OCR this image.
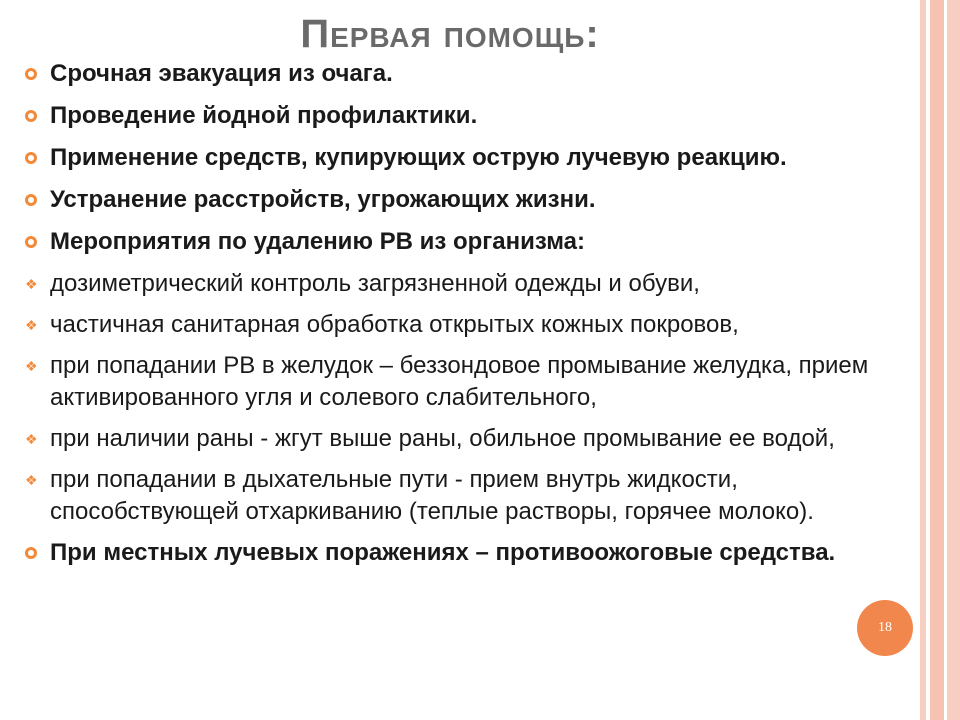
Первая помощь:
Срочная эвакуация из очага.
Проведение йодной профилактики.
Применение средств, купирующих острую лучевую реакцию.
Устранение расстройств, угрожающих жизни.
Мероприятия по удалению РВ из организма:
❖ дозиметрический контроль загрязненной одежды и обуви,
❖ частичная санитарная обработка открытых кожных покровов,
❖ при попадании РВ в желудок – беззондовое промывание желудка, прием активированного угля и солевого слабительного,
❖ при наличии раны - жгут выше раны, обильное промывание ее водой,
❖ при попадании в дыхательные пути - прием внутрь жидкости, способствующей отхаркиванию (теплые растворы, горячее молоко).
При местных лучевых поражениях – противоожоговые средства.
18
